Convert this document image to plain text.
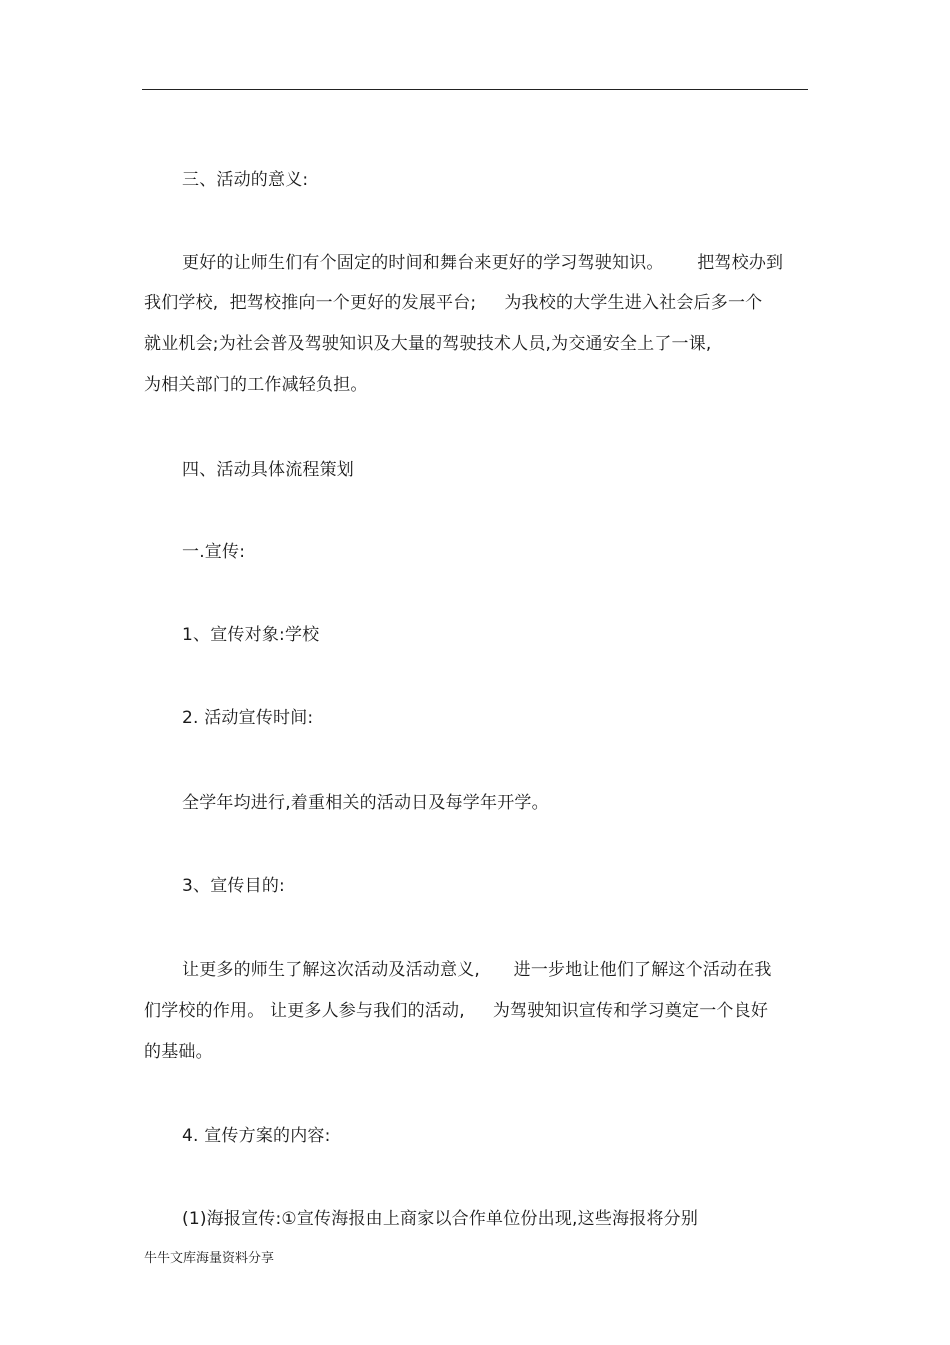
三、活动的意义:
更好的让师生们有个固定的时间和舞台来更好的学习驾驶知识。      把驾校办到
我们学校,  把驾校推向一个更好的发展平台;     为我校的大学生进入社会后多一个
就业机会;为社会普及驾驶知识及大量的驾驶技术人员,为交通安全上了一课,
为相关部门的工作减轻负担。
四、活动具体流程策划
一.宣传:
1、宣传对象:学校
2. 活动宣传时间:
全学年均进行,着重相关的活动日及每学年开学。
3、宣传目的:
让更多的师生了解这次活动及活动意义,      进一步地让他们了解这个活动在我
们学校的作用。 让更多人参与我们的活动,     为驾驶知识宣传和学习奠定一个良好
的基础。
4. 宣传方案的内容:
(1)海报宣传:①宣传海报由上商家以合作单位份出现,这些海报将分别
牛牛文库海量资料分享
